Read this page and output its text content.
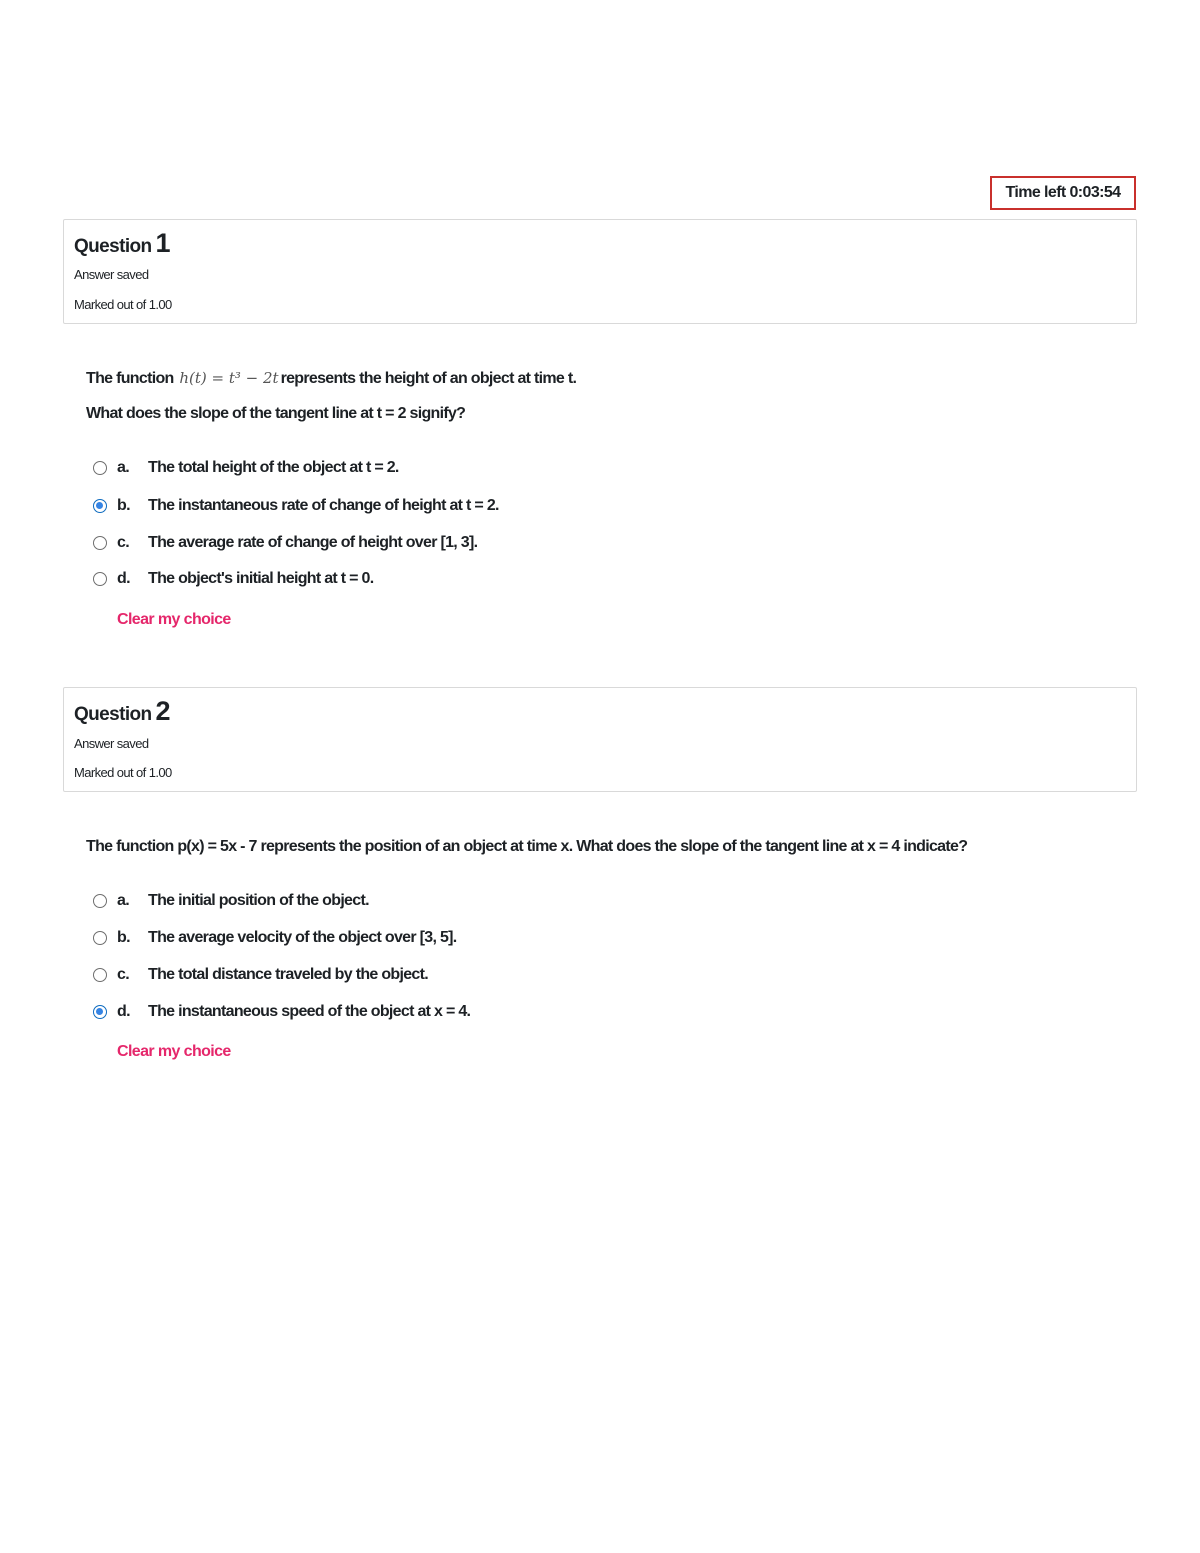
Time left 0:03:54
Question 1
Answer saved
Marked out of 1.00
The function h(t) = t³ − 2t represents the height of an object at time t.
What does the slope of the tangent line at t = 2 signify?
a.	The total height of the object at t = 2.
b.	The instantaneous rate of change of height at t = 2.
c.	The average rate of change of height over [1, 3].
d.	The object's initial height at t = 0.
Clear my choice
Question 2
Answer saved
Marked out of 1.00
The function p(x) = 5x - 7 represents the position of an object at time x. What does the slope of the tangent line at x = 4 indicate?
a.	The initial position of the object.
b.	The average velocity of the object over [3, 5].
c.	The total distance traveled by the object.
d.	The instantaneous speed of the object at x = 4.
Clear my choice
